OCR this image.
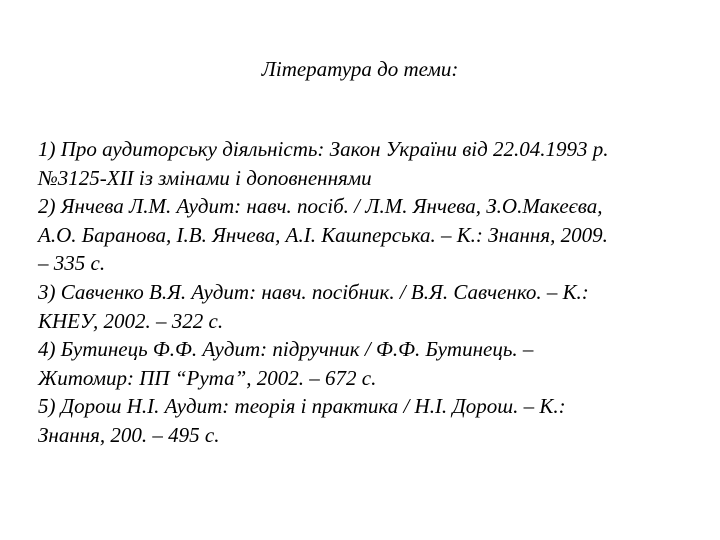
Література до теми:
1) Про аудиторську діяльність: Закон України від 22.04.1993 р.
№3125-XII із змінами і доповненнями
2) Янчева Л.М. Аудит: навч. посіб. / Л.М. Янчева, З.О.Макеєва,
А.О. Баранова, І.В. Янчева, А.І. Кашперська. – К.: Знання, 2009.
– 335 с.
3) Савченко В.Я. Аудит: навч. посібник. / В.Я. Савченко. – К.:
КНЕУ, 2002. – 322 с.
4) Бутинець Ф.Ф. Аудит: підручник / Ф.Ф. Бутинець. –
Житомир: ПП “Рута”, 2002. – 672 с.
5) Дорош Н.І. Аудит: теорія і практика / Н.І. Дорош. – К.:
Знання, 200. – 495 с.
